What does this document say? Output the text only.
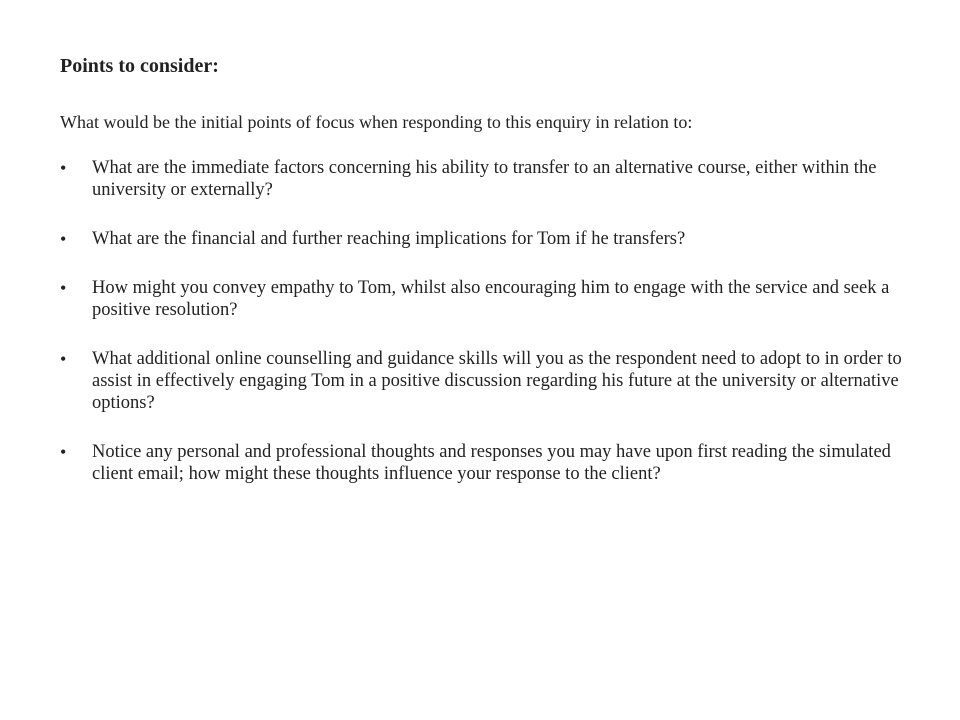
Points to consider:

What would be the initial points of focus when responding to this enquiry in relation to:

• What are the immediate factors concerning his ability to transfer to an alternative course, either within the university or externally?
• What are the financial and further reaching implications for Tom if he transfers?
• How might you convey empathy to Tom, whilst also encouraging him to engage with the service and seek a positive resolution?
• What additional online counselling and guidance skills will you as the respondent need to adopt to in order to assist in effectively engaging Tom in a positive discussion regarding his future at the university or alternative options?
• Notice any personal and professional thoughts and responses you may have upon first reading the simulated client email; how might these thoughts influence your response to the client?
